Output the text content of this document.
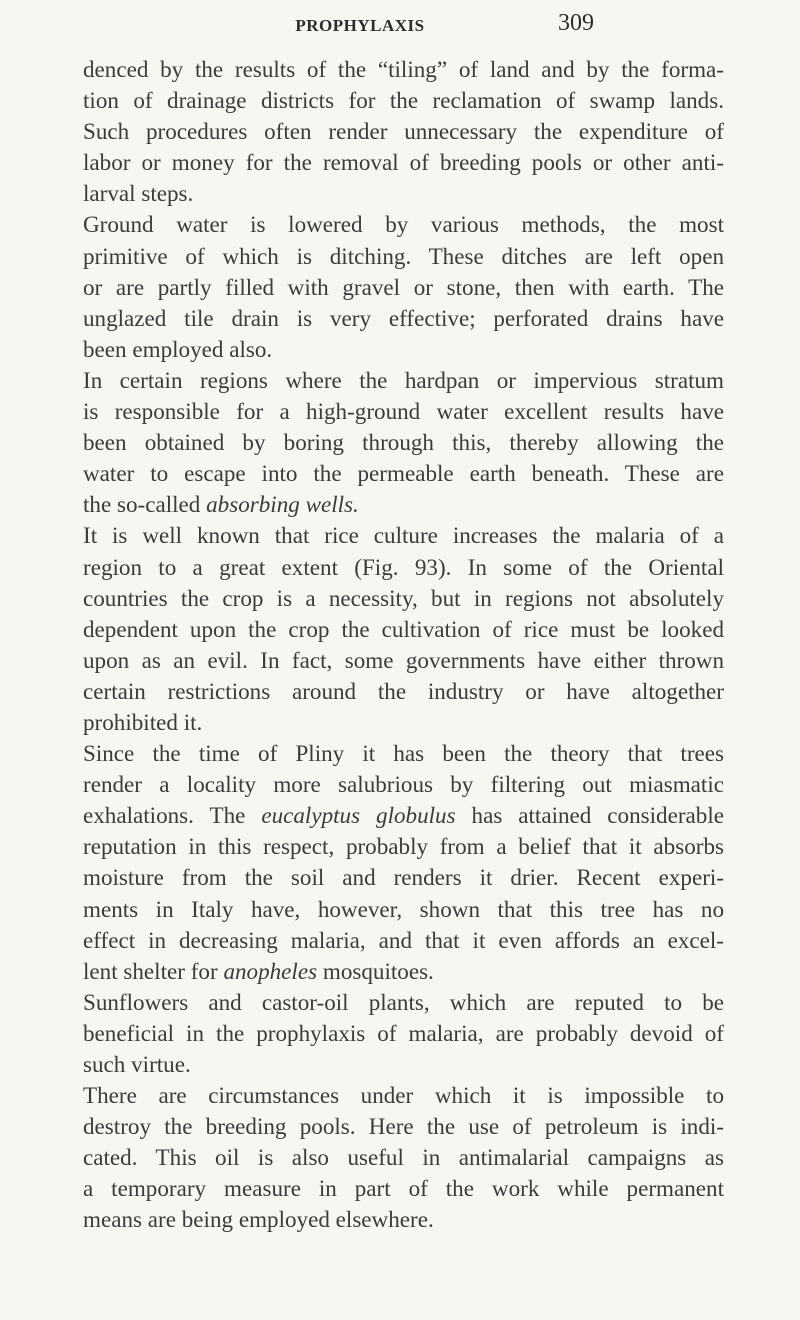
PROPHYLAXIS	309

denced by the results of the “tiling” of land and by the forma-
tion of drainage districts for the reclamation of swamp lands.
Such procedures often render unnecessary the expenditure of
labor or money for the removal of breeding pools or other anti-
larval steps.

Ground water is lowered by various methods, the most
primitive of which is ditching. These ditches are left open
or are partly filled with gravel or stone, then with earth. The
unglazed tile drain is very effective; perforated drains have
been employed also.

In certain regions where the hardpan or impervious stratum
is responsible for a high-ground water excellent results have
been obtained by boring through this, thereby allowing the
water to escape into the permeable earth beneath. These are
the so-called absorbing wells.

It is well known that rice culture increases the malaria of a
region to a great extent (Fig. 93). In some of the Oriental
countries the crop is a necessity, but in regions not absolutely
dependent upon the crop the cultivation of rice must be looked
upon as an evil. In fact, some governments have either thrown
certain restrictions around the industry or have altogether
prohibited it.

Since the time of Pliny it has been the theory that trees
render a locality more salubrious by filtering out miasmatic
exhalations. The eucalyptus globulus has attained considerable
reputation in this respect, probably from a belief that it absorbs
moisture from the soil and renders it drier. Recent experi-
ments in Italy have, however, shown that this tree has no
effect in decreasing malaria, and that it even affords an excel-
lent shelter for anopheles mosquitoes.

Sunflowers and castor-oil plants, which are reputed to be
beneficial in the prophylaxis of malaria, are probably devoid of
such virtue.

There are circumstances under which it is impossible to
destroy the breeding pools. Here the use of petroleum is indi-
cated. This oil is also useful in antimalarial campaigns as
a temporary measure in part of the work while permanent
means are being employed elsewhere.
